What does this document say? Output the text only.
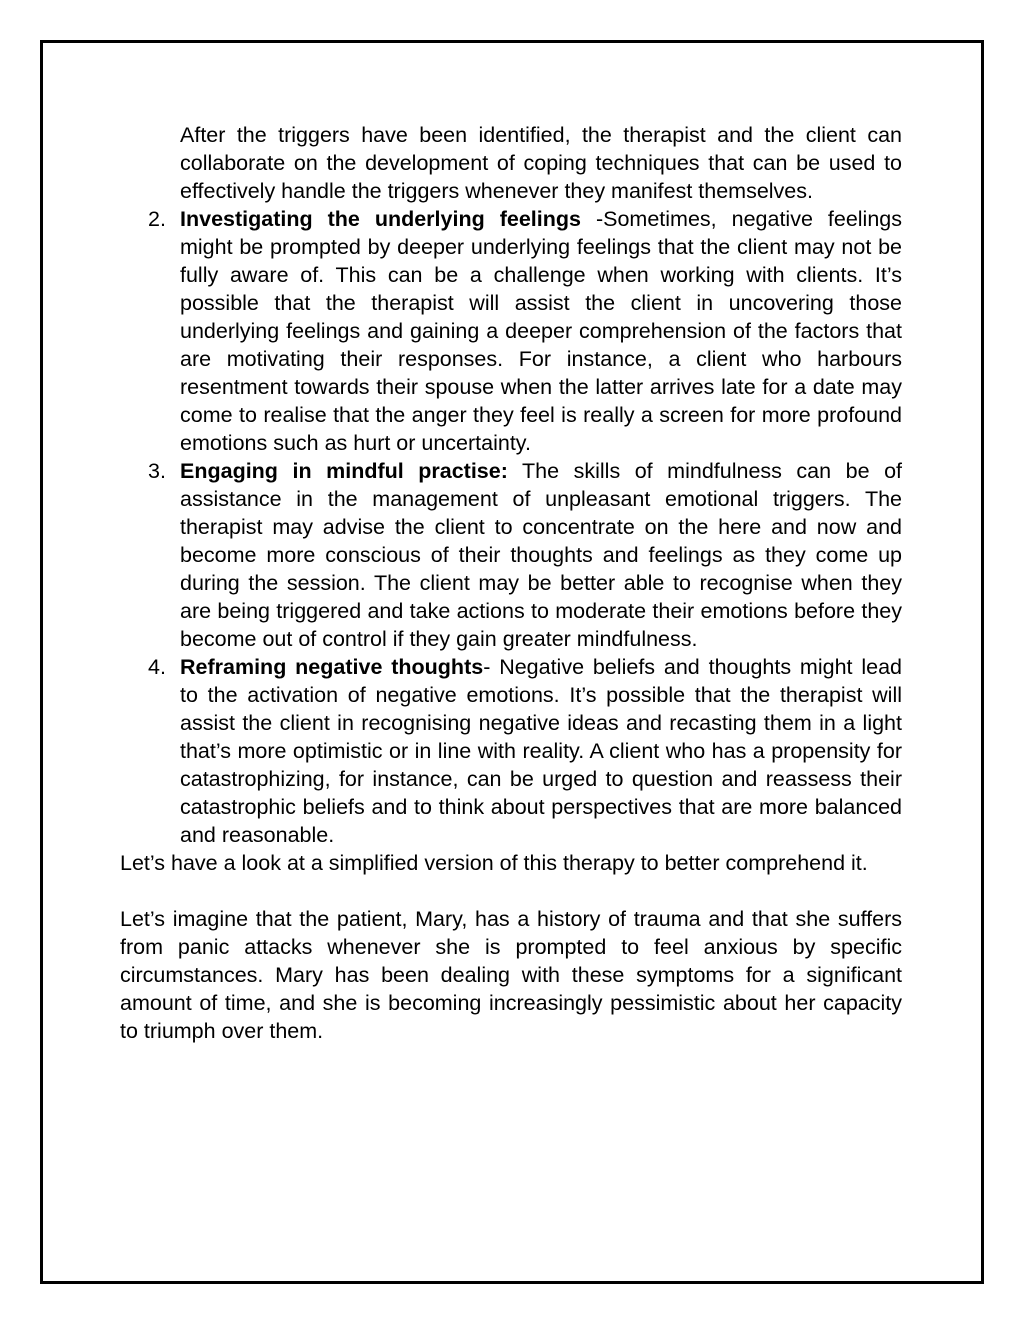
After the triggers have been identified, the therapist and the client can collaborate on the development of coping techniques that can be used to effectively handle the triggers whenever they manifest themselves.

2. Investigating the underlying feelings -Sometimes, negative feelings might be prompted by deeper underlying feelings that the client may not be fully aware of. This can be a challenge when working with clients. It’s possible that the therapist will assist the client in uncovering those underlying feelings and gaining a deeper comprehension of the factors that are motivating their responses. For instance, a client who harbours resentment towards their spouse when the latter arrives late for a date may come to realise that the anger they feel is really a screen for more profound emotions such as hurt or uncertainty.
3. Engaging in mindful practise: The skills of mindfulness can be of assistance in the management of unpleasant emotional triggers. The therapist may advise the client to concentrate on the here and now and become more conscious of their thoughts and feelings as they come up during the session. The client may be better able to recognise when they are being triggered and take actions to moderate their emotions before they become out of control if they gain greater mindfulness.
4. Reframing negative thoughts- Negative beliefs and thoughts might lead to the activation of negative emotions. It’s possible that the therapist will assist the client in recognising negative ideas and recasting them in a light that’s more optimistic or in line with reality. A client who has a propensity for catastrophizing, for instance, can be urged to question and reassess their catastrophic beliefs and to think about perspectives that are more balanced and reasonable.

Let’s have a look at a simplified version of this therapy to better comprehend it.

Let’s imagine that the patient, Mary, has a history of trauma and that she suffers from panic attacks whenever she is prompted to feel anxious by specific circumstances. Mary has been dealing with these symptoms for a significant amount of time, and she is becoming increasingly pessimistic about her capacity to triumph over them.
